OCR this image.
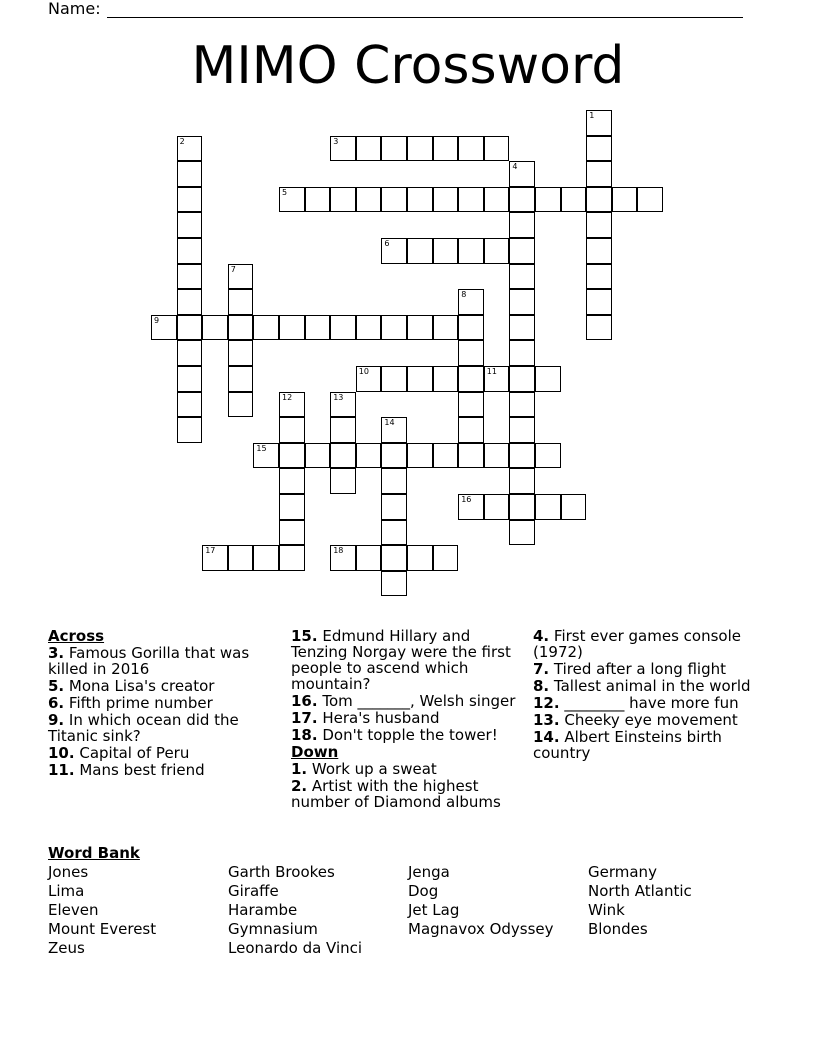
Name:
MIMO Crossword
1
2	3
4
5
6
7
8
9
10	11
12	13
14
15
16
17	18
Across
3. Famous Gorilla that was killed in 2016
5. Mona Lisa's creator
6. Fifth prime number
9. In which ocean did the Titanic sink?
10. Capital of Peru
11. Mans best friend
15. Edmund Hillary and Tenzing Norgay were the first people to ascend which mountain?
16. Tom _______, Welsh singer
17. Hera's husband
18. Don't topple the tower!
Down
1. Work up a sweat
2. Artist with the highest number of Diamond albums
4. First ever games console (1972)
7. Tired after a long flight
8. Tallest animal in the world
12. ________ have more fun
13. Cheeky eye movement
14. Albert Einsteins birth country
Word Bank
Jones
Lima
Eleven
Mount Everest
Zeus
Garth Brookes
Giraffe
Harambe
Gymnasium
Leonardo da Vinci
Jenga
Dog
Jet Lag
Magnavox Odyssey
Germany
North Atlantic
Wink
Blondes
